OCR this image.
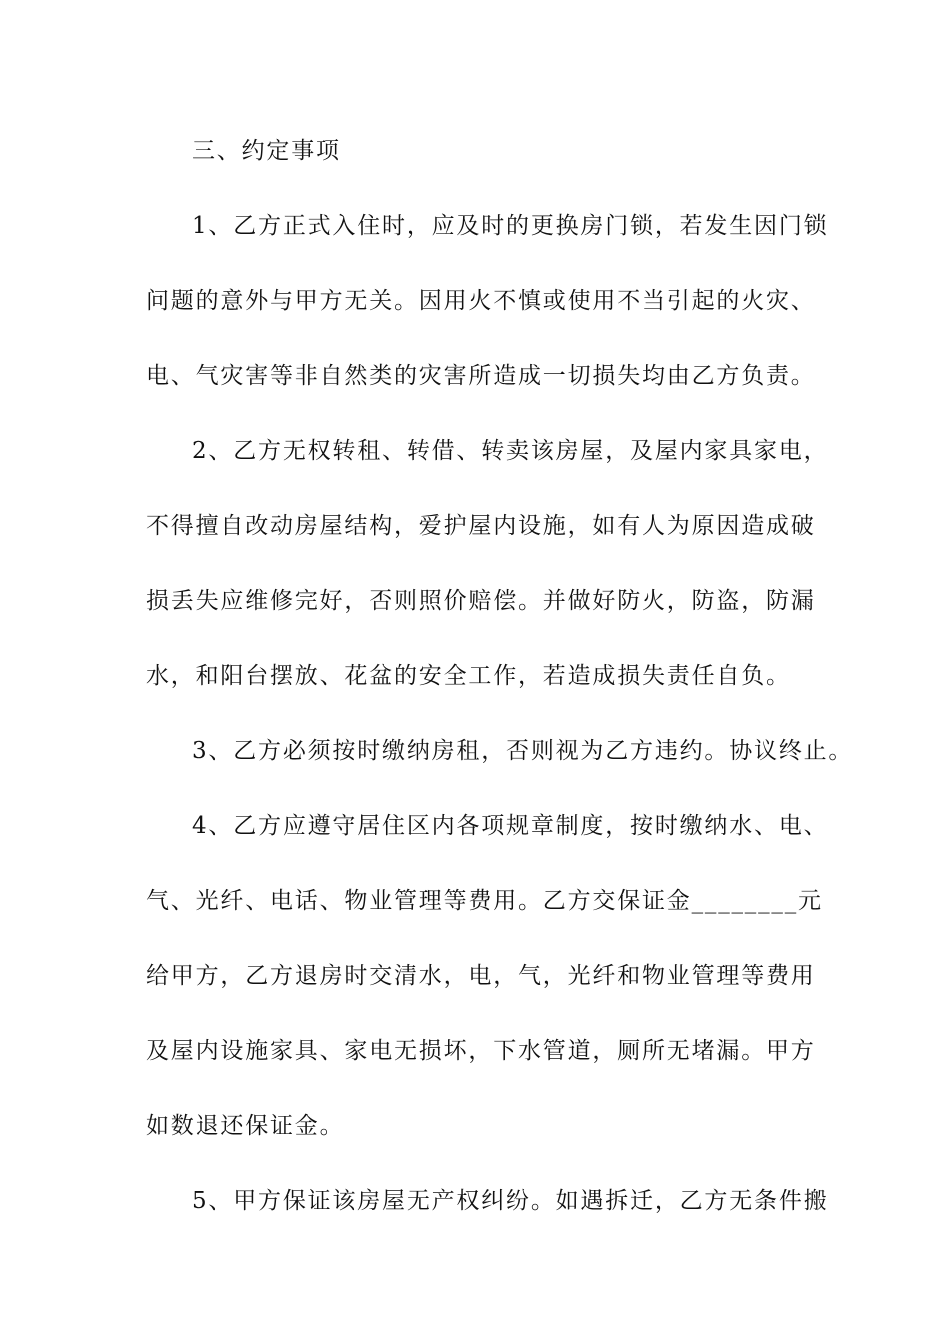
三、约定事项
1、乙方正式入住时，应及时的更换房门锁，若发生因门锁
问题的意外与甲方无关。因用火不慎或使用不当引起的火灾、
电、气灾害等非自然类的灾害所造成一切损失均由乙方负责。
2、乙方无权转租、转借、转卖该房屋，及屋内家具家电，
不得擅自改动房屋结构，爱护屋内设施，如有人为原因造成破
损丢失应维修完好，否则照价赔偿。并做好防火，防盗，防漏
水，和阳台摆放、花盆的安全工作，若造成损失责任自负。
3、乙方必须按时缴纳房租，否则视为乙方违约。协议终止。
4、乙方应遵守居住区内各项规章制度，按时缴纳水、电、
气、光纤、电话、物业管理等费用。乙方交保证金________元
给甲方，乙方退房时交清水，电，气，光纤和物业管理等费用
及屋内设施家具、家电无损坏，下水管道，厕所无堵漏。甲方
如数退还保证金。
5、甲方保证该房屋无产权纠纷。如遇拆迁，乙方无条件搬
